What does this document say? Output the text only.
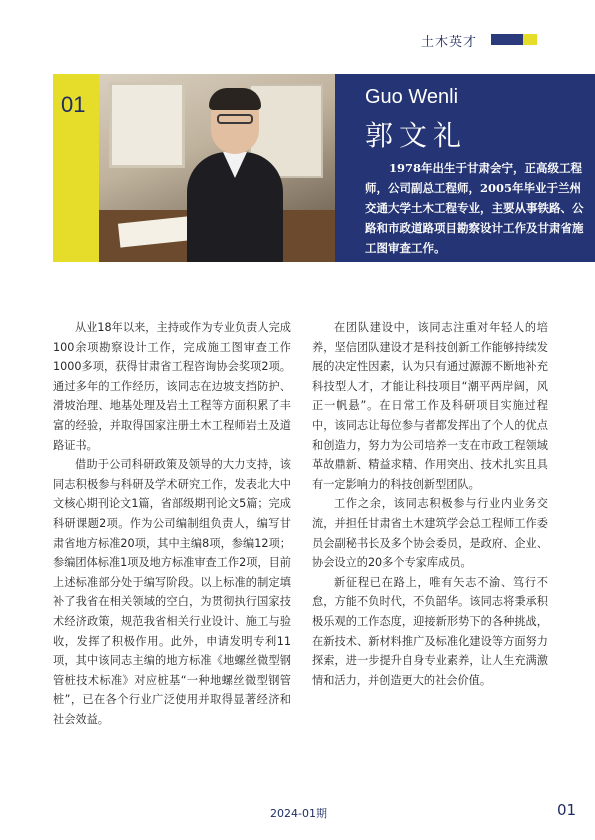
土木英才
01	Guo Wenli
郭文礼
1978年出生于甘肃会宁，正高级工程师，公司副总工程师，2005年毕业于兰州交通大学土木工程专业，主要从事铁路、公路和市政道路项目勘察设计工作及甘肃省施工图审查工作。

从业18年以来，主持或作为专业负责人完成100余项勘察设计工作，完成施工图审查工作1000多项，获得甘肃省工程咨询协会奖项2项。通过多年的工作经历，该同志在边坡支挡防护、滑坡治理、地基处理及岩土工程等方面积累了丰富的经验，并取得国家注册土木工程师岩土及道路证书。

借助于公司科研政策及领导的大力支持，该同志积极参与科研及学术研究工作，发表北大中文核心期刊论文1篇，省部级期刊论文5篇；完成科研课题2项。作为公司编制组负责人，编写甘肃省地方标准20项，其中主编8项，参编12项；参编团体标准1项及地方标准审查工作2项，目前上述标准部分处于编写阶段。以上标准的制定填补了我省在相关领域的空白，为贯彻执行国家技术经济政策，规范我省相关行业设计、施工与验收，发挥了积极作用。此外，申请发明专利11项，其中该同志主编的地方标准《地螺丝微型钢管桩技术标准》对应桩基“一种地螺丝微型钢管桩”，已在各个行业广泛使用并取得显著经济和社会效益。

在团队建设中，该同志注重对年轻人的培养，坚信团队建设才是科技创新工作能够持续发展的决定性因素，认为只有通过源源不断地补充科技型人才，才能让科技项目“潮平两岸阔，风正一帆悬”。在日常工作及科研项目实施过程中，该同志让每位参与者都发挥出了个人的优点和创造力，努力为公司培养一支在市政工程领域革故鼎新、精益求精、作用突出、技术扎实且具有一定影响力的科技创新型团队。

工作之余，该同志积极参与行业内业务交流，并担任甘肃省土木建筑学会总工程师工作委员会副秘书长及多个协会委员，是政府、企业、协会设立的20多个专家库成员。

新征程已在路上，唯有矢志不渝、笃行不怠，方能不负时代，不负韶华。该同志将秉承积极乐观的工作态度，迎接新形势下的各种挑战，在新技术、新材料推广及标准化建设等方面努力探索，进一步提升自身专业素养，让人生充满激情和活力，并创造更大的社会价值。

2024-01期	01
